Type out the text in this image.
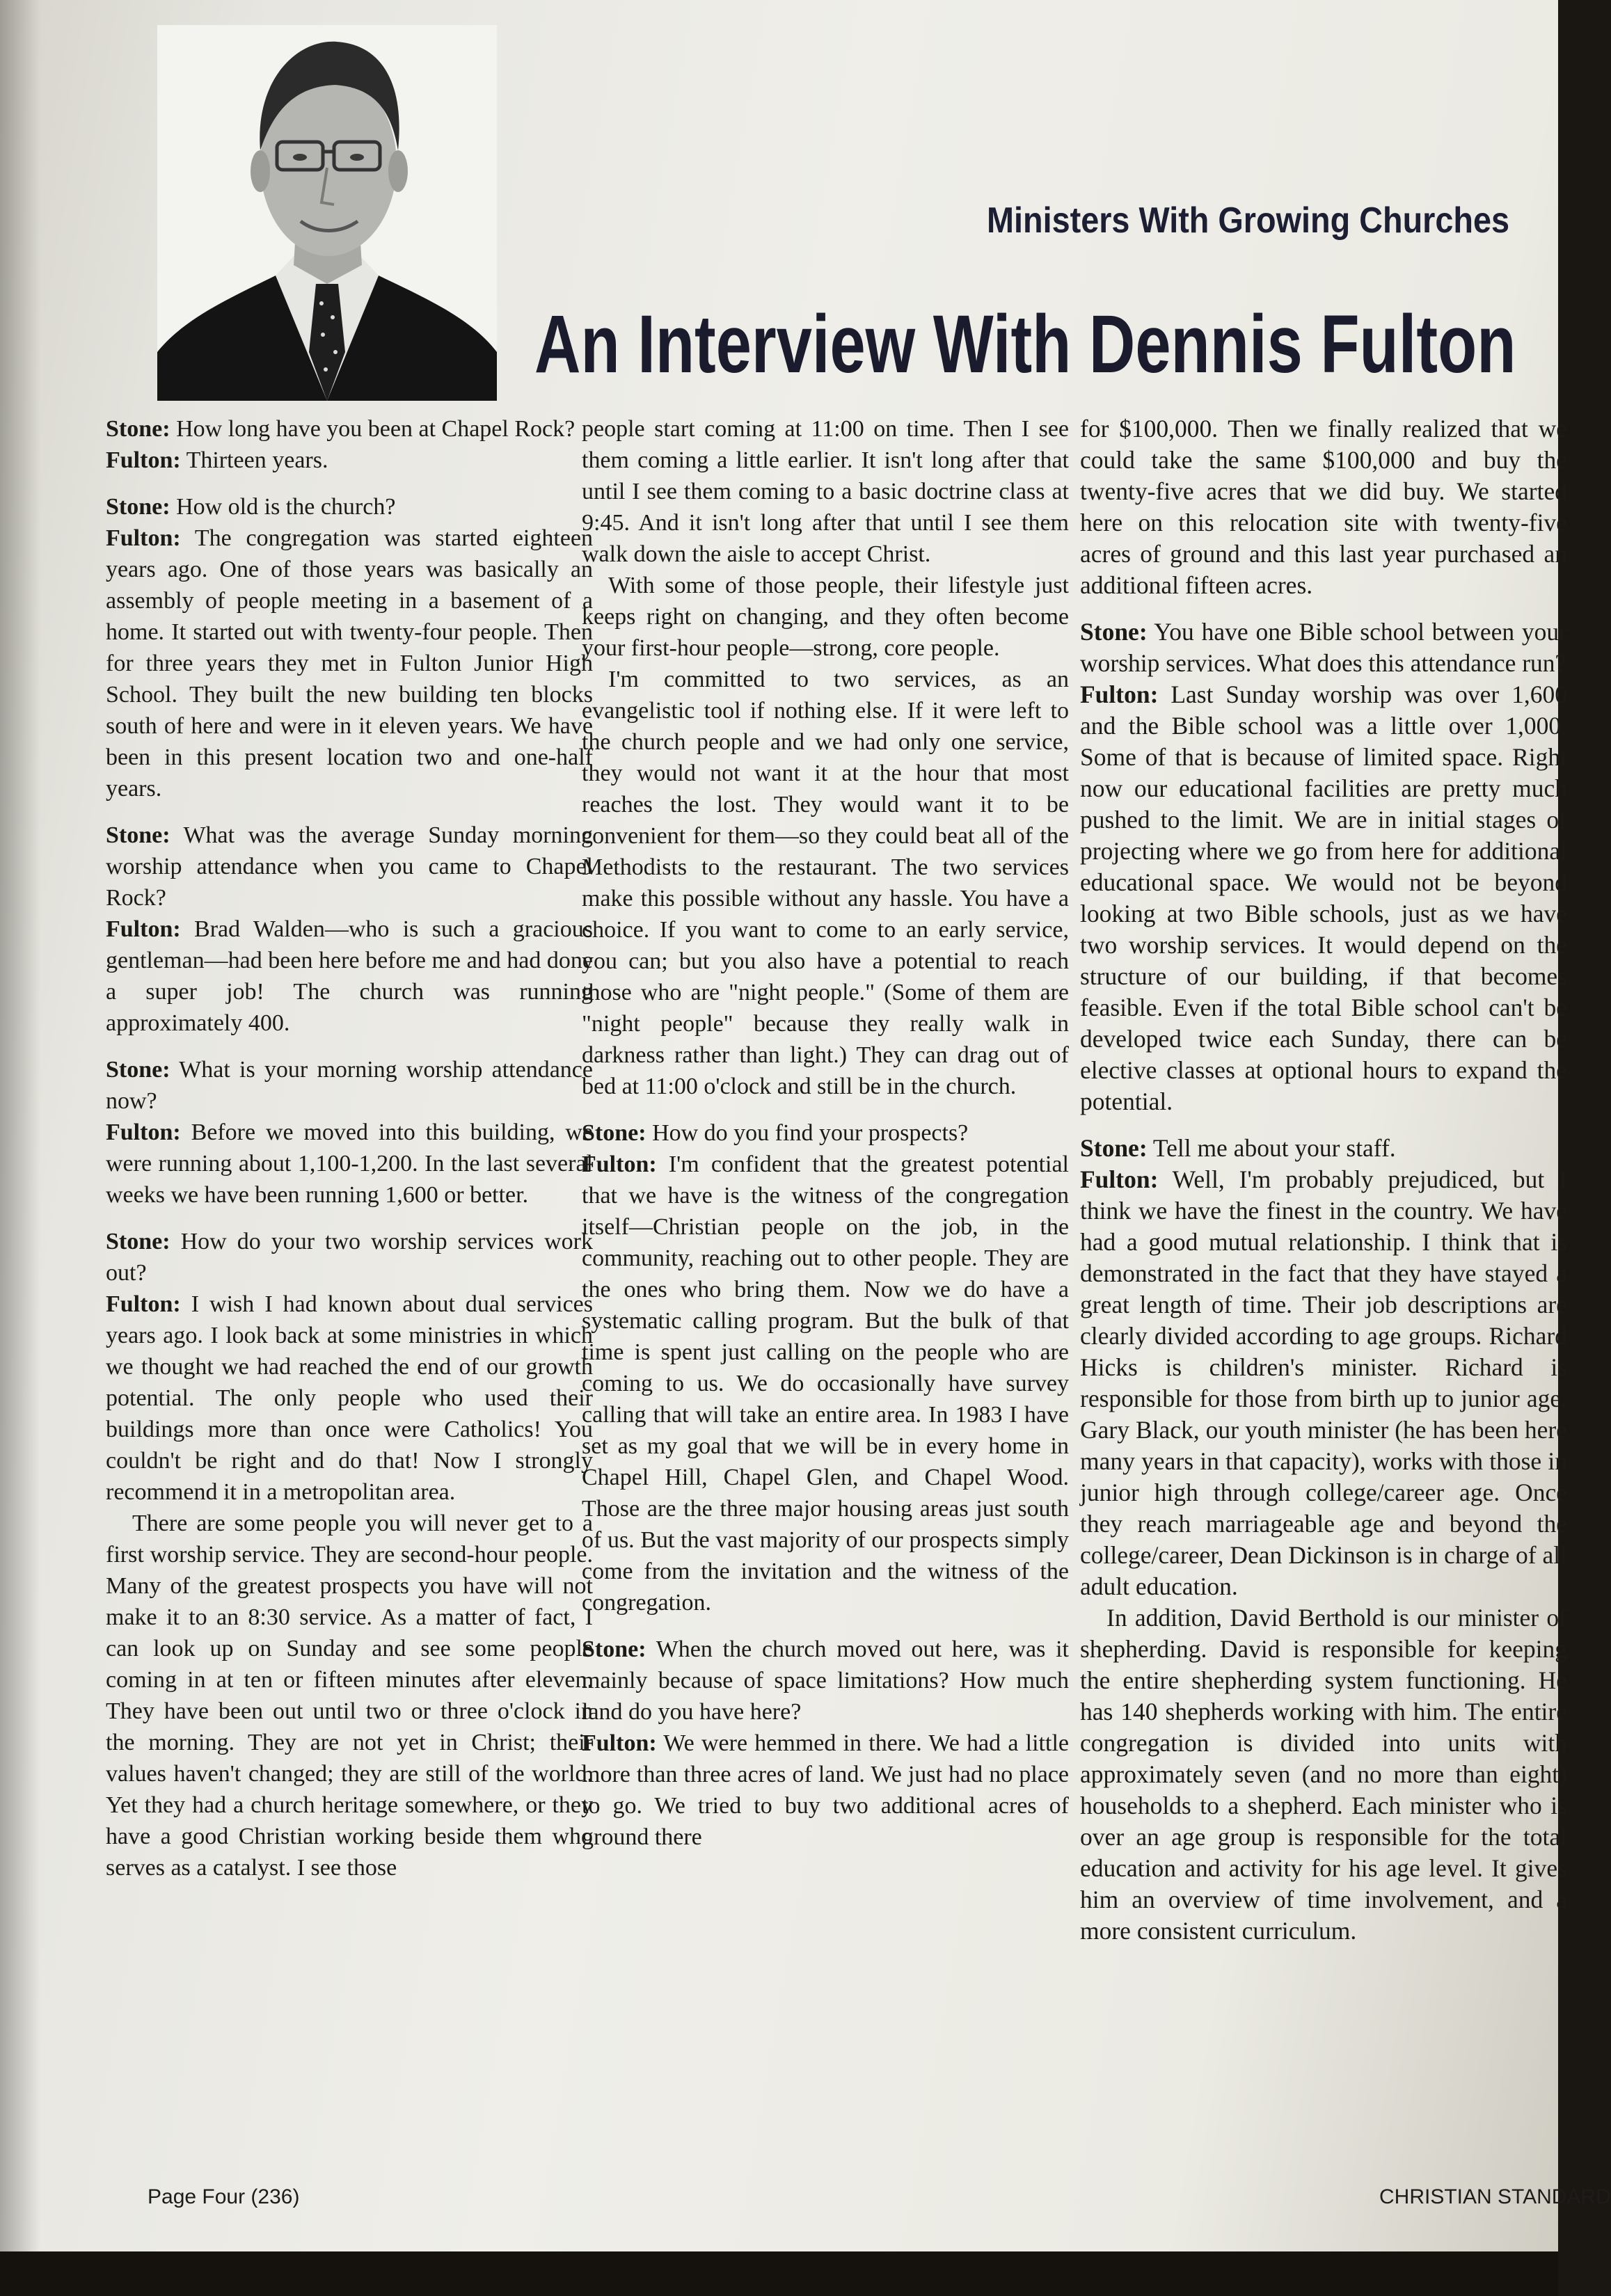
Ministers With Growing Churches
An Interview With Dennis Fulton

Stone: How long have you been at Chapel Rock?

Fulton: Thirteen years.

Stone: How old is the church?

Fulton: The congregation was started eighteen years ago. One of those years was basically an assembly of people meeting in a basement of a home. It started out with twenty-four people. Then for three years they met in Fulton Junior High School. They built the new building ten blocks south of here and were in it eleven years. We have been in this present location two and one-half years.

Stone: What was the average Sunday morning worship attendance when you came to Chapel Rock?

Fulton: Brad Walden—who is such a gracious gentleman—had been here before me and had done a super job! The church was running approximately 400.

Stone: What is your morning worship attendance now?

Fulton: Before we moved into this building, we were running about 1,100-1,200. In the last several weeks we have been running 1,600 or better.

Stone: How do your two worship services work out?

Fulton: I wish I had known about dual services years ago. I look back at some ministries in which we thought we had reached the end of our growth potential. The only people who used their buildings more than once were Catholics! You couldn't be right and do that! Now I strongly recommend it in a metropolitan area.

There are some people you will never get to a first worship service. They are second-hour people. Many of the greatest prospects you have will not make it to an 8:30 service. As a matter of fact, I can look up on Sunday and see some people coming in at ten or fifteen minutes after eleven. They have been out until two or three o'clock in the morning. They are not yet in Christ; their values haven't changed; they are still of the world. Yet they had a church heritage somewhere, or they have a good Christian working beside them who serves as a catalyst. I see those

people start coming at 11:00 on time. Then I see them coming a little earlier. It isn't long after that until I see them coming to a basic doctrine class at 9:45. And it isn't long after that until I see them walk down the aisle to accept Christ.

With some of those people, their lifestyle just keeps right on changing, and they often become your first-hour people—strong, core people.

I'm committed to two services, as an evangelistic tool if nothing else. If it were left to the church people and we had only one service, they would not want it at the hour that most reaches the lost. They would want it to be convenient for them—so they could beat all of the Methodists to the restaurant. The two services make this possible without any hassle. You have a choice. If you want to come to an early service, you can; but you also have a potential to reach those who are "night people." (Some of them are "night people" because they really walk in darkness rather than light.) They can drag out of bed at 11:00 o'clock and still be in the church.

Stone: How do you find your prospects?

Fulton: I'm confident that the greatest potential that we have is the witness of the congregation itself—Christian people on the job, in the community, reaching out to other people. They are the ones who bring them. Now we do have a systematic calling program. But the bulk of that time is spent just calling on the people who are coming to us. We do occasionally have survey calling that will take an entire area. In 1983 I have set as my goal that we will be in every home in Chapel Hill, Chapel Glen, and Chapel Wood. Those are the three major housing areas just south of us. But the vast majority of our prospects simply come from the invitation and the witness of the congregation.

Stone: When the church moved out here, was it mainly because of space limitations? How much land do you have here?

Fulton: We were hemmed in there. We had a little more than three acres of land. We just had no place to go. We tried to buy two additional acres of ground there

for $100,000. Then we finally realized that we could take the same $100,000 and buy the twenty-five acres that we did buy. We started here on this relocation site with twenty-five acres of ground and this last year purchased an additional fifteen acres.

Stone: You have one Bible school between your worship services. What does this attendance run?

Fulton: Last Sunday worship was over 1,600 and the Bible school was a little over 1,000. Some of that is because of limited space. Right now our educational facilities are pretty much pushed to the limit. We are in initial stages of projecting where we go from here for additional educational space. We would not be beyond looking at two Bible schools, just as we have two worship services. It would depend on the structure of our building, if that becomes feasible. Even if the total Bible school can't be developed twice each Sunday, there can be elective classes at optional hours to expand the potential.

Stone: Tell me about your staff.

Fulton: Well, I'm probably prejudiced, but I think we have the finest in the country. We have had a good mutual relationship. I think that is demonstrated in the fact that they have stayed a great length of time. Their job descriptions are clearly divided according to age groups. Richard Hicks is children's minister. Richard is responsible for those from birth up to junior age. Gary Black, our youth minister (he has been here many years in that capacity), works with those in junior high through college/career age. Once they reach marriageable age and beyond the college/career, Dean Dickinson is in charge of all adult education.

In addition, David Berthold is our minister of shepherding. David is responsible for keeping the entire shepherding system functioning. He has 140 shepherds working with him. The entire congregation is divided into units with approximately seven (and no more than eight) households to a shepherd. Each minister who is over an age group is responsible for the total education and activity for his age level. It gives him an overview of time involvement, and a more consistent curriculum.

Page Four (236)	CHRISTIAN STANDARD
